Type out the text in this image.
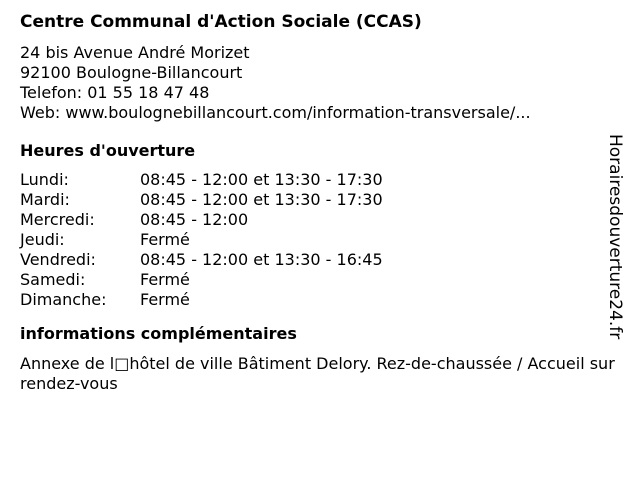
Centre Communal d'Action Sociale (CCAS)
24 bis Avenue André Morizet
92100 Boulogne-Billancourt
Telefon: 01 55 18 47 48
Web: www.boulognebillancourt.com/information-transversale/...
Heures d'ouverture
Lundi:	08:45 - 12:00 et 13:30 - 17:30
Mardi:	08:45 - 12:00 et 13:30 - 17:30
Mercredi:	08:45 - 12:00
Jeudi:	Fermé
Vendredi:	08:45 - 12:00 et 13:30 - 16:45
Samedi:	Fermé
Dimanche:	Fermé
informations complémentaires
Annexe de l□hôtel de ville Bâtiment Delory. Rez-de-chaussée / Accueil sur rendez-vous
Horairesdouverture24.fr
